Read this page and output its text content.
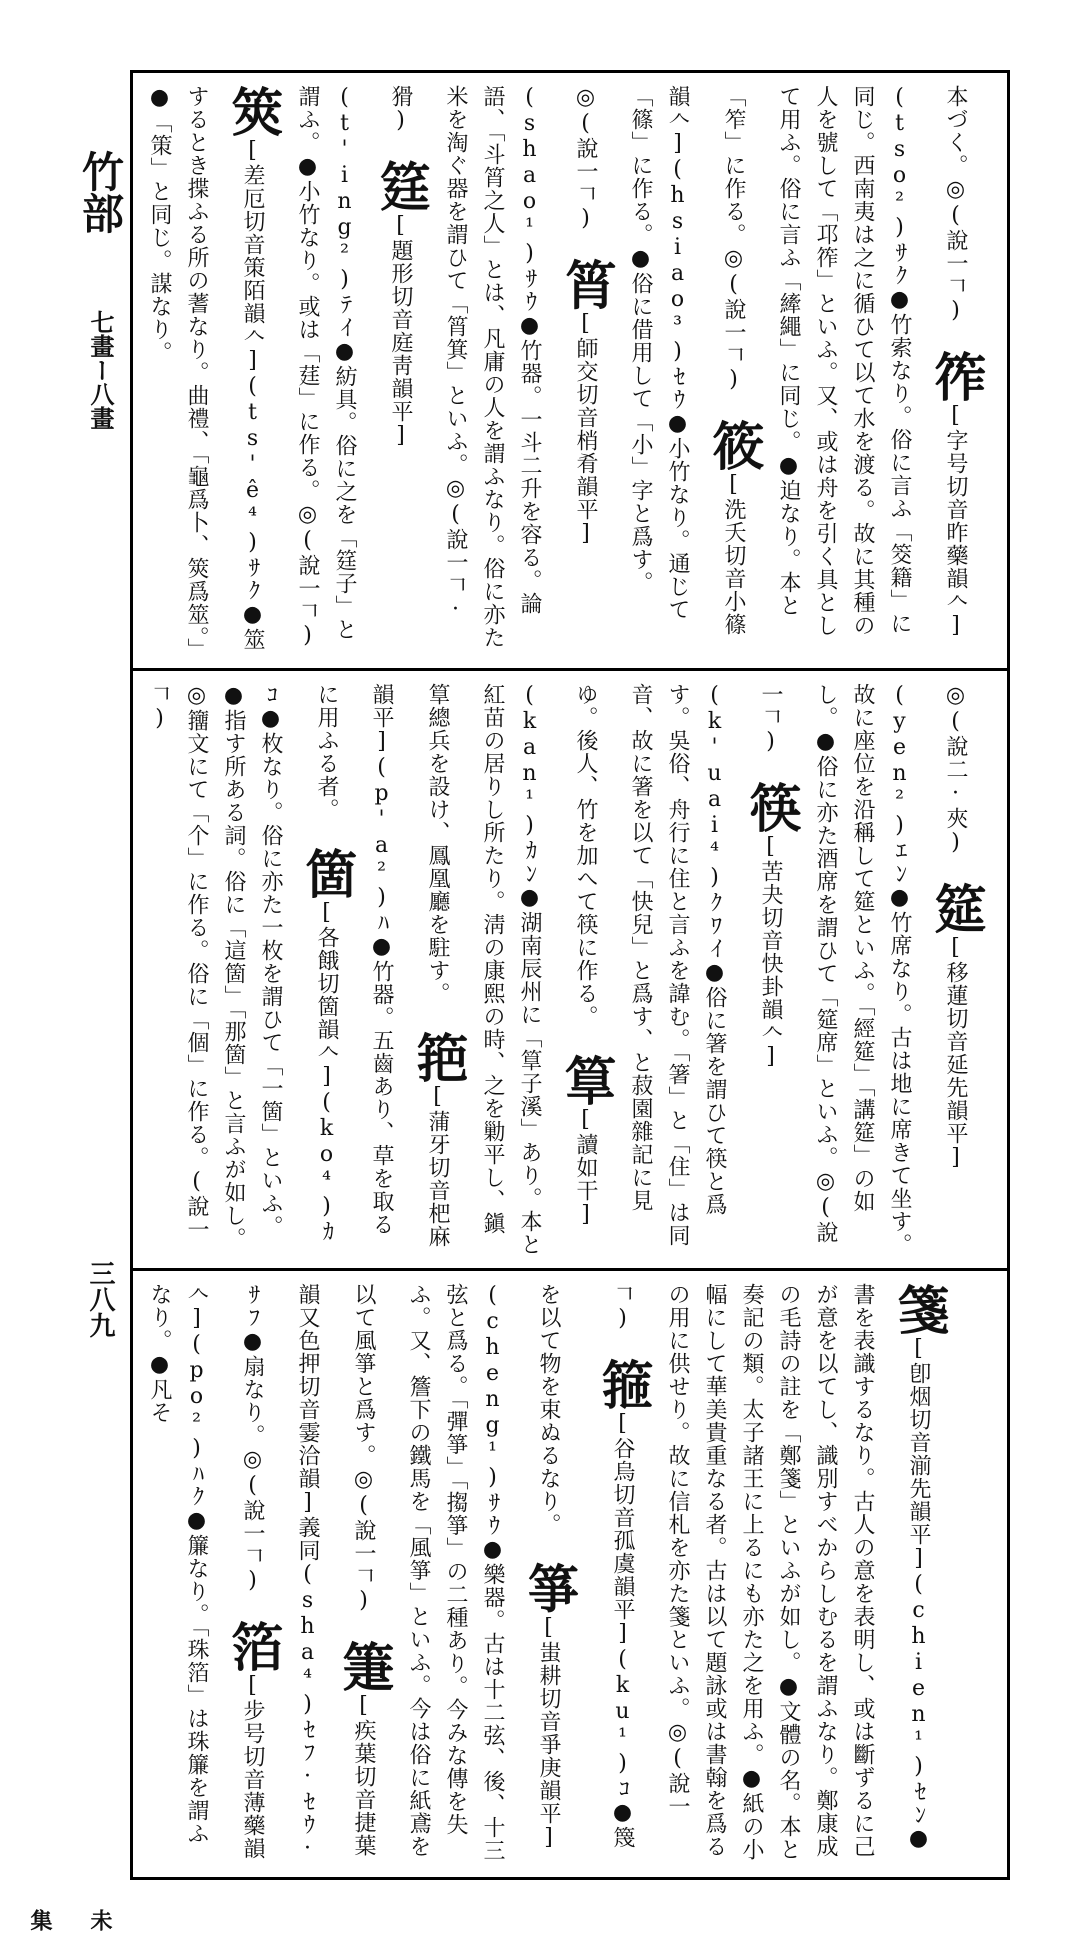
竹部
七畫ー八畫
三八九
未集
本づく。◎(說一𠃍) 筰[字号切音昨藥韻𠆢](tso²)ｻｸ●竹索なり。俗に言ふ「筊籍」に同じ。西南夷は之に循ひて以て水を渡る。故に其種の人を號して「邛筰」といふ。又、或は舟を引く具として用ふ。俗に言ふ「縴繩」に同じ。●迫なり。本と「笮」に作る。◎(說一𠃍) 筱[洗夭切音小篠韻𠆢](hsiao³)ｾｳ●小竹なり。通じて「篠」に作る。●俗に借用して「小」字と爲す。◎(說一𠃍) 筲[師交切音梢肴韻平](shao¹)ｻｳ●竹器。一斗二升を容る。論語、「斗筲之人」とは、凡庸の人を謂ふなり。俗に亦た米を淘ぐ器を謂ひて「筲箕」といふ。◎(說一𠃍·猾) 筳[題形切音庭靑韻平](t'ing²)ﾃｲ●紡具。俗に之を「筳子」と謂ふ。●小竹なり。或は「莛」に作る。◎(說一𠃍) 筴[差厄切音策陌韻𠆢](ts'ê⁴)ｻｸ●筮するとき揲ふる所の蓍なり。曲禮、「龜爲卜、筴爲筮。」●「策」と同じ。謀なり。
◎(說二·夾) 筵[移蓮切音延先韻平](yen²)ｴﾝ●竹席なり。古は地に席きて坐す。故に座位を沿稱して筵といふ。「經筵」「講筵」の如し。●俗に亦た酒席を謂ひて「筵席」といふ。◎(說一𠃍) 筷[苦夬切音快卦韻𠆢](k'uai⁴)ｸﾜｲ●俗に箸を謂ひて筷と爲す。吳俗、舟行に住と言ふを諱む。「箸」と「住」は同音、故に箸を以て「快兒」と爲す、と菽園雜記に見ゆ。後人、竹を加へて筷に作る。 筸[讀如干](kan¹)ｶﾝ●湖南辰州に「筸子溪」あり。本と紅苗の居りし所たり。淸の康熙の時、之を勦平し、鎭筸總兵を設け、鳳凰廳を駐す。 筢[蒲牙切音杷麻韻平](p'a²)ﾊ●竹器。五齒あり、草を取るに用ふる者。 箇[各餓切箇韻𠆢](ko⁴)ｶｺ●枚なり。俗に亦た一枚を謂ひて「一箇」といふ。●指す所ある詞。俗に「這箇」「那箇」と言ふが如し。◎籒文にて「个」に作る。俗に「個」に作る。(說一𠃍)
箋[卽烟切音湔先韻平](chien¹)ｾﾝ●書を表識するなり。古人の意を表明し、或は斷ずるに己が意を以てし、識別すべからしむるを謂ふなり。鄭康成の毛詩の註を「鄭箋」といふが如し。●文體の名。本と奏記の類。太子諸王に上るにも亦た之を用ふ。●紙の小幅にして華美貴重なる者。古は以て題詠或は書翰を爲るの用に供せり。故に信札を亦た箋といふ。◎(說一𠃍) 箍[谷烏切音孤虞韻平](ku¹)ｺ●篾を以て物を束ぬるなり。 箏[蚩耕切音爭庚韻平](cheng¹)ｻｳ●樂器。古は十二弦、後、十三弦と爲る。「彈箏」「搊箏」の二種あり。今みな傳を失ふ。又、簷下の鐵馬を「風箏」といふ。今は俗に紙鳶を以て風箏と爲す。◎(說一𠃍) 箑[疾葉切音捷葉韻又色押切音霎洽韻]義同(sha⁴)ｾﾌ·ｾｳ·ｻﾌ●扇なり。◎(說一𠃍) 箔[步号切音薄藥韻𠆢](po²)ﾊｸ●簾なり。「珠箔」は珠簾を謂ふなり。●凡そ
